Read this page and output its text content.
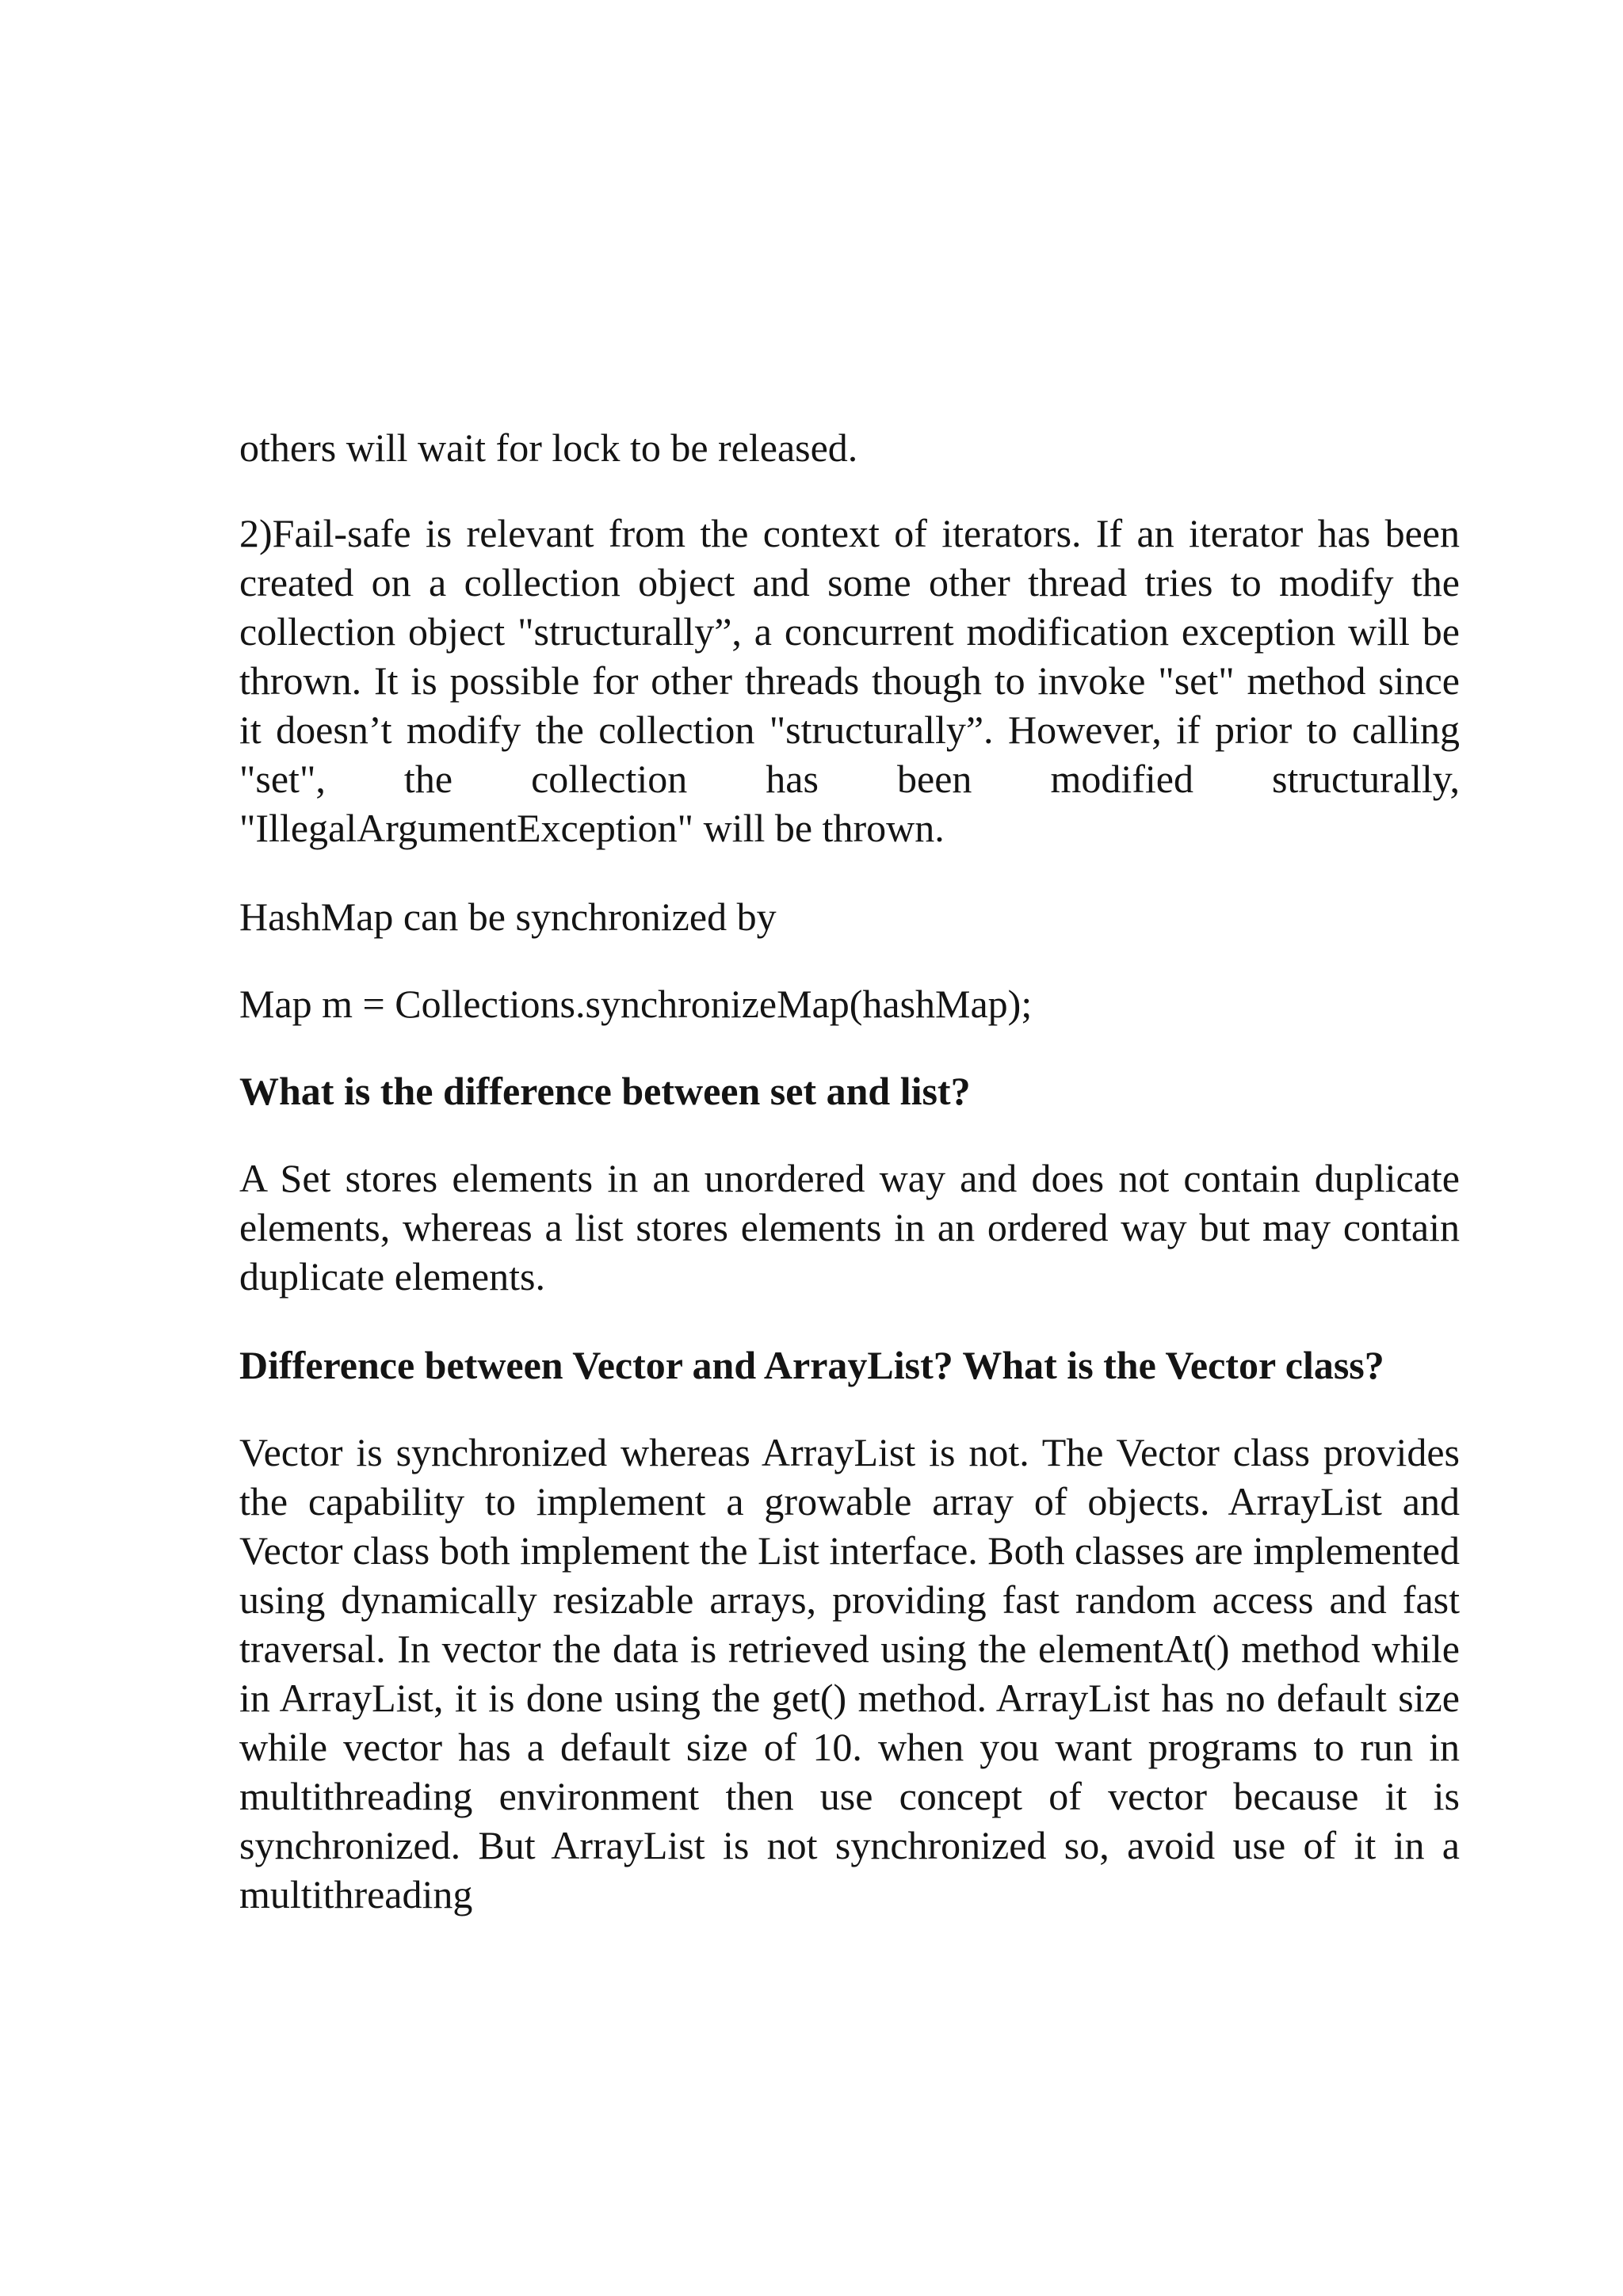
others will wait for lock to be released.

2)Fail-safe is relevant from the context of iterators. If an iterator has been created on a collection object and some other thread tries to modify the collection object "structurally”, a concurrent modification exception will be thrown. It is possible for other threads though to invoke "set" method since it doesn’t modify the collection "structurally”. However, if prior to calling "set", the collection has been modified structurally, "IllegalArgumentException" will be thrown.

HashMap can be synchronized by

Map m = Collections.synchronizeMap(hashMap);

What is the difference between set and list?

A Set stores elements in an unordered way and does not contain duplicate elements, whereas a list stores elements in an ordered way but may contain duplicate elements.

Difference between Vector and ArrayList? What is the Vector class?

Vector is synchronized whereas ArrayList is not. The Vector class provides the capability to implement a growable array of objects. ArrayList and Vector class both implement the List interface. Both classes are implemented using dynamically resizable arrays, providing fast random access and fast traversal. In vector the data is retrieved using the elementAt() method while in ArrayList, it is done using the get() method. ArrayList has no default size while vector has a default size of 10. when you want programs to run in multithreading environment then use concept of vector because it is synchronized. But ArrayList is not synchronized so, avoid use of it in a multithreading
